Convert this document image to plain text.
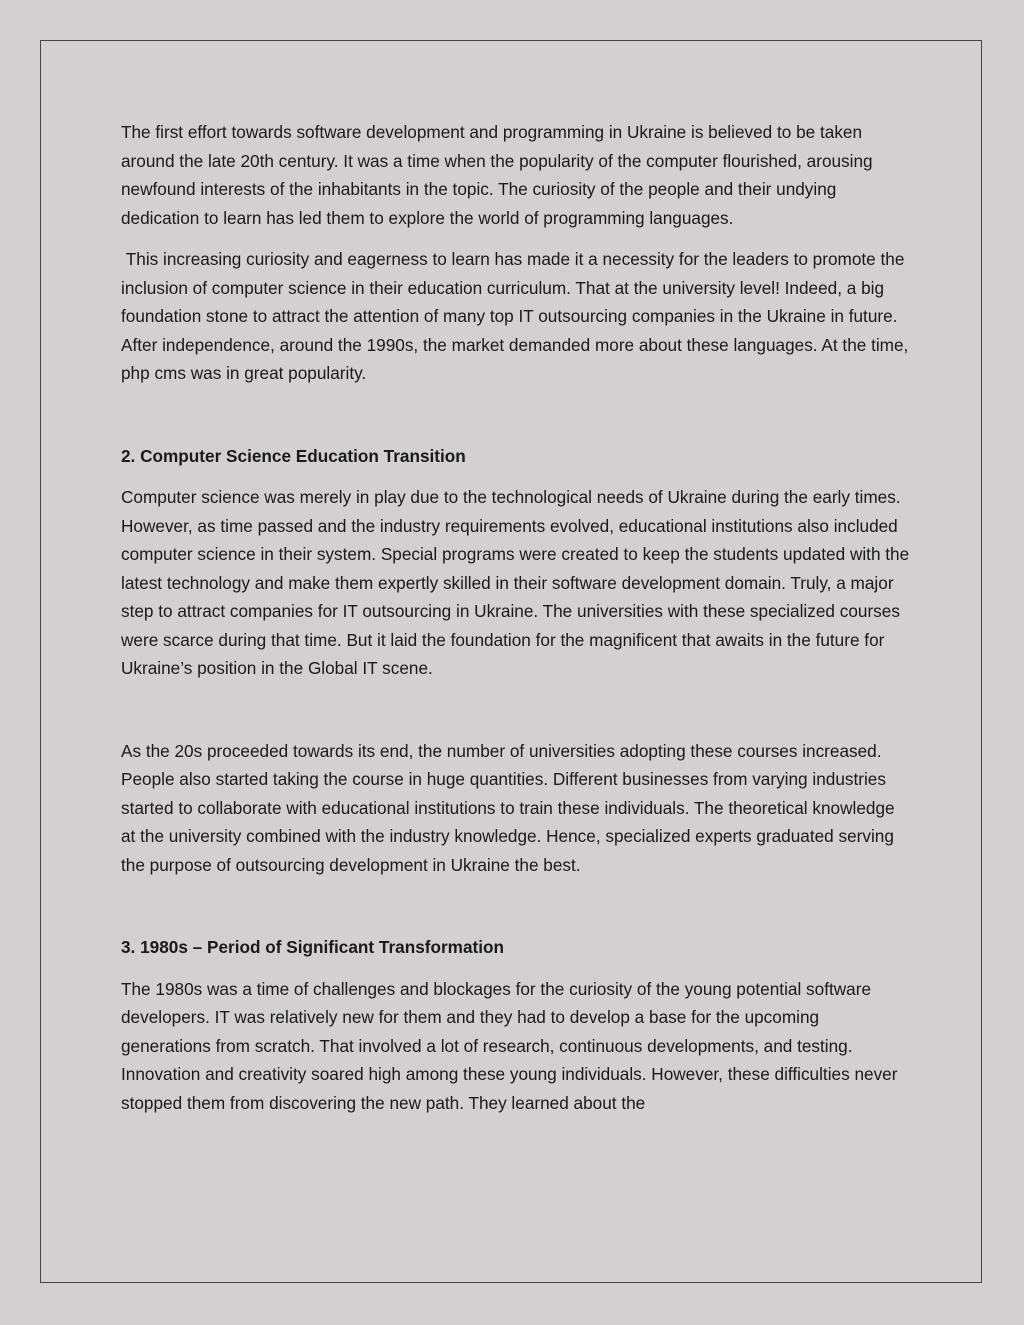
The first effort towards software development and programming in Ukraine is believed to be taken around the late 20th century. It was a time when the popularity of the computer flourished, arousing newfound interests of the inhabitants in the topic. The curiosity of the people and their undying dedication to learn has led them to explore the world of programming languages.

This increasing curiosity and eagerness to learn has made it a necessity for the leaders to promote the inclusion of computer science in their education curriculum. That at the university level! Indeed, a big foundation stone to attract the attention of many top IT outsourcing companies in the Ukraine in future. After independence, around the 1990s, the market demanded more about these languages. At the time, php cms was in great popularity.

2. Computer Science Education Transition

Computer science was merely in play due to the technological needs of Ukraine during the early times. However, as time passed and the industry requirements evolved, educational institutions also included computer science in their system. Special programs were created to keep the students updated with the latest technology and make them expertly skilled in their software development domain. Truly, a major step to attract companies for IT outsourcing in Ukraine. The universities with these specialized courses were scarce during that time. But it laid the foundation for the magnificent that awaits in the future for Ukraine’s position in the Global IT scene.

As the 20s proceeded towards its end, the number of universities adopting these courses increased. People also started taking the course in huge quantities. Different businesses from varying industries started to collaborate with educational institutions to train these individuals. The theoretical knowledge at the university combined with the industry knowledge. Hence, specialized experts graduated serving the purpose of outsourcing development in Ukraine the best.

3. 1980s – Period of Significant Transformation

The 1980s was a time of challenges and blockages for the curiosity of the young potential software developers. IT was relatively new for them and they had to develop a base for the upcoming generations from scratch. That involved a lot of research, continuous developments, and testing. Innovation and creativity soared high among these young individuals. However, these difficulties never stopped them from discovering the new path. They learned about the
